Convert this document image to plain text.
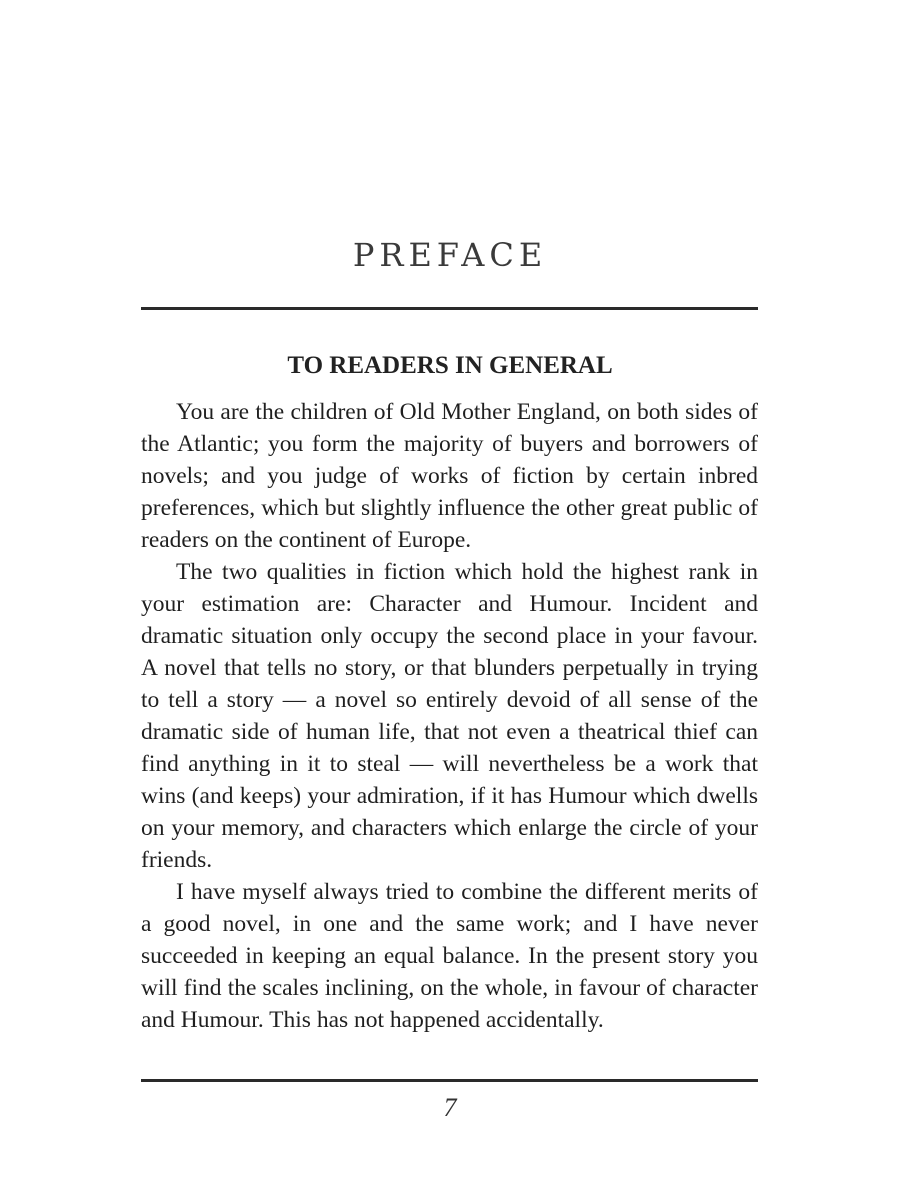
PREFACE
TO READERS IN GENERAL

You are the children of Old Mother England, on both sides of the Atlantic; you form the majority of buyers and borrowers of novels; and you judge of works of fiction by certain inbred preferences, which but slightly influence the other great public of readers on the continent of Europe.

The two qualities in fiction which hold the highest rank in your estimation are: Character and Humour. Incident and dramatic situation only occupy the second place in your favour. A novel that tells no story, or that blunders perpetually in trying to tell a story — a novel so entirely devoid of all sense of the dramatic side of human life, that not even a theatrical thief can find anything in it to steal — will nevertheless be a work that wins (and keeps) your admiration, if it has Humour which dwells on your memory, and characters which enlarge the circle of your friends.

I have myself always tried to combine the different merits of a good novel, in one and the same work; and I have never succeeded in keeping an equal balance. In the present story you will find the scales inclining, on the whole, in favour of character and Humour. This has not happened accidentally.

7
